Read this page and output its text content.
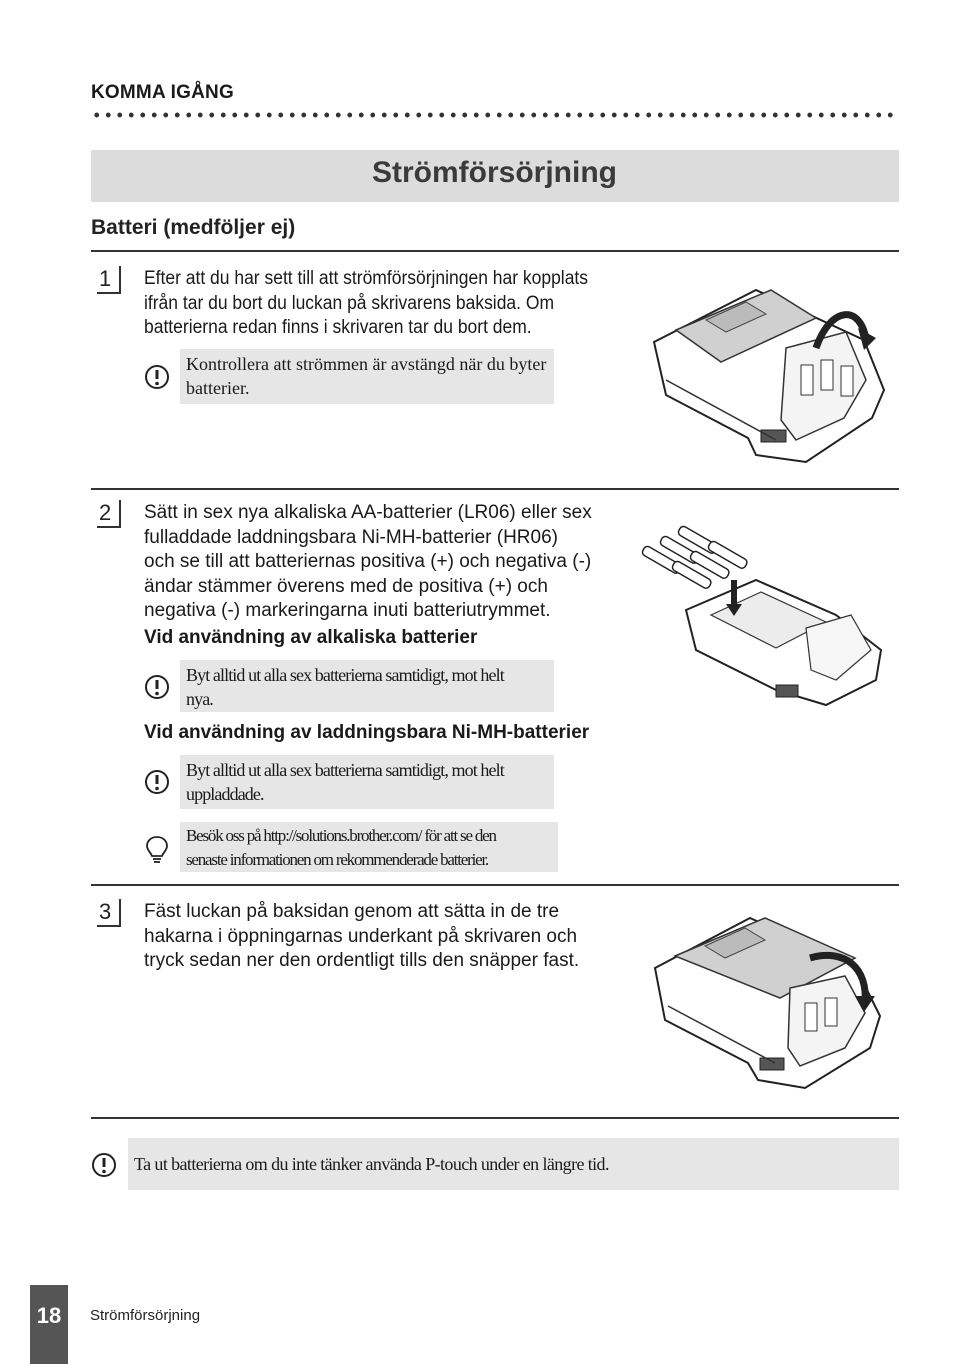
KOMMA IGÅNG
Strömförsörjning
Batteri (medföljer ej)
1 Efter att du har sett till att strömförsörjningen har kopplats
ifrån tar du bort du luckan på skrivarens baksida. Om
batterierna redan finns i skrivaren tar du bort dem.
Kontrollera att strömmen är avstängd när du byter
batterier.
2 Sätt in sex nya alkaliska AA-batterier (LR06) eller sex
fulladdade laddningsbara Ni-MH-batterier (HR06)
och se till att batteriernas positiva (+) och negativa (-)
ändar stämmer överens med de positiva (+) och
negativa (-) markeringarna inuti batteriutrymmet.
Vid användning av alkaliska batterier
Byt alltid ut alla sex batterierna samtidigt, mot helt
nya.
Vid användning av laddningsbara Ni-MH-batterier
Byt alltid ut alla sex batterierna samtidigt, mot helt
uppladdade.
Besök oss på http://solutions.brother.com/ för att se den
senaste informationen om rekommenderade batterier.
3 Fäst luckan på baksidan genom att sätta in de tre
hakarna i öppningarnas underkant på skrivaren och
tryck sedan ner den ordentligt tills den snäpper fast.
Ta ut batterierna om du inte tänker använda P-touch under en längre tid.
18	Strömförsörjning
